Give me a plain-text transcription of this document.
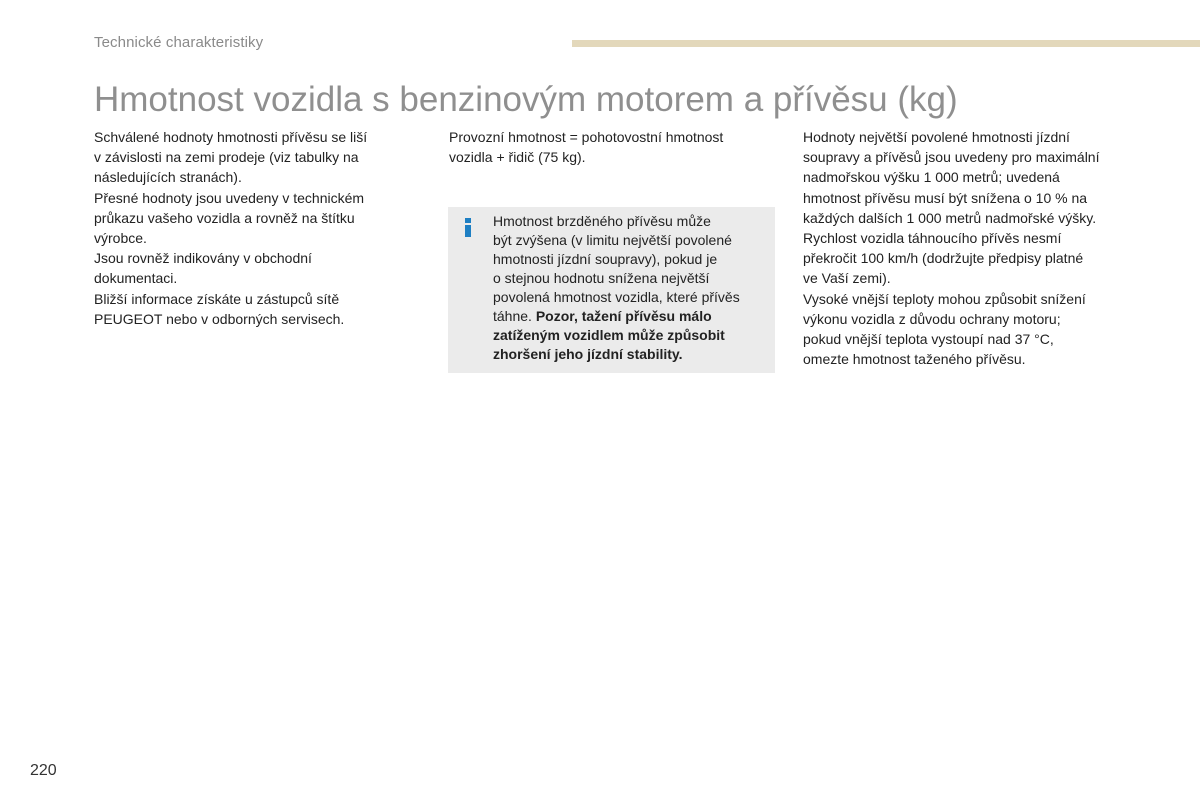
Technické charakteristiky
Hmotnost vozidla s benzinovým motorem a přívěsu (kg)

Schválené hodnoty hmotnosti přívěsu se liší

v závislosti na zemi prodeje (viz tabulky na

následujících stranách).

Přesné hodnoty jsou uvedeny v technickém

průkazu vašeho vozidla a rovněž na štítku

výrobce.

Jsou rovněž indikovány v obchodní

dokumentaci.

Bližší informace získáte u zástupců sítě

PEUGEOT nebo v odborných servisech.

Provozní hmotnost = pohotovostní hmotnost

vozidla + řidič (75 kg).

Hmotnost brzděného přívěsu může
být zvýšena (v limitu největší povolené
hmotnosti jízdní soupravy), pokud je
o stejnou hodnotu snížena největší
povolená hmotnost vozidla, které přívěs
táhne. Pozor, tažení přívěsu málo
zatíženým vozidlem může způsobit
zhoršení jeho jízdní stability.

Hodnoty největší povolené hmotnosti jízdní

soupravy a přívěsů jsou uvedeny pro maximální

nadmořskou výšku 1 000 metrů; uvedená

hmotnost přívěsu musí být snížena o 10 % na

každých dalších 1 000 metrů nadmořské výšky.

Rychlost vozidla táhnoucího přívěs nesmí

překročit 100 km/h (dodržujte předpisy platné

ve Vaší zemi).

Vysoké vnější teploty mohou způsobit snížení

výkonu vozidla z důvodu ochrany motoru;

pokud vnější teplota vystoupí nad 37 °C,

omezte hmotnost taženého přívěsu.

220
